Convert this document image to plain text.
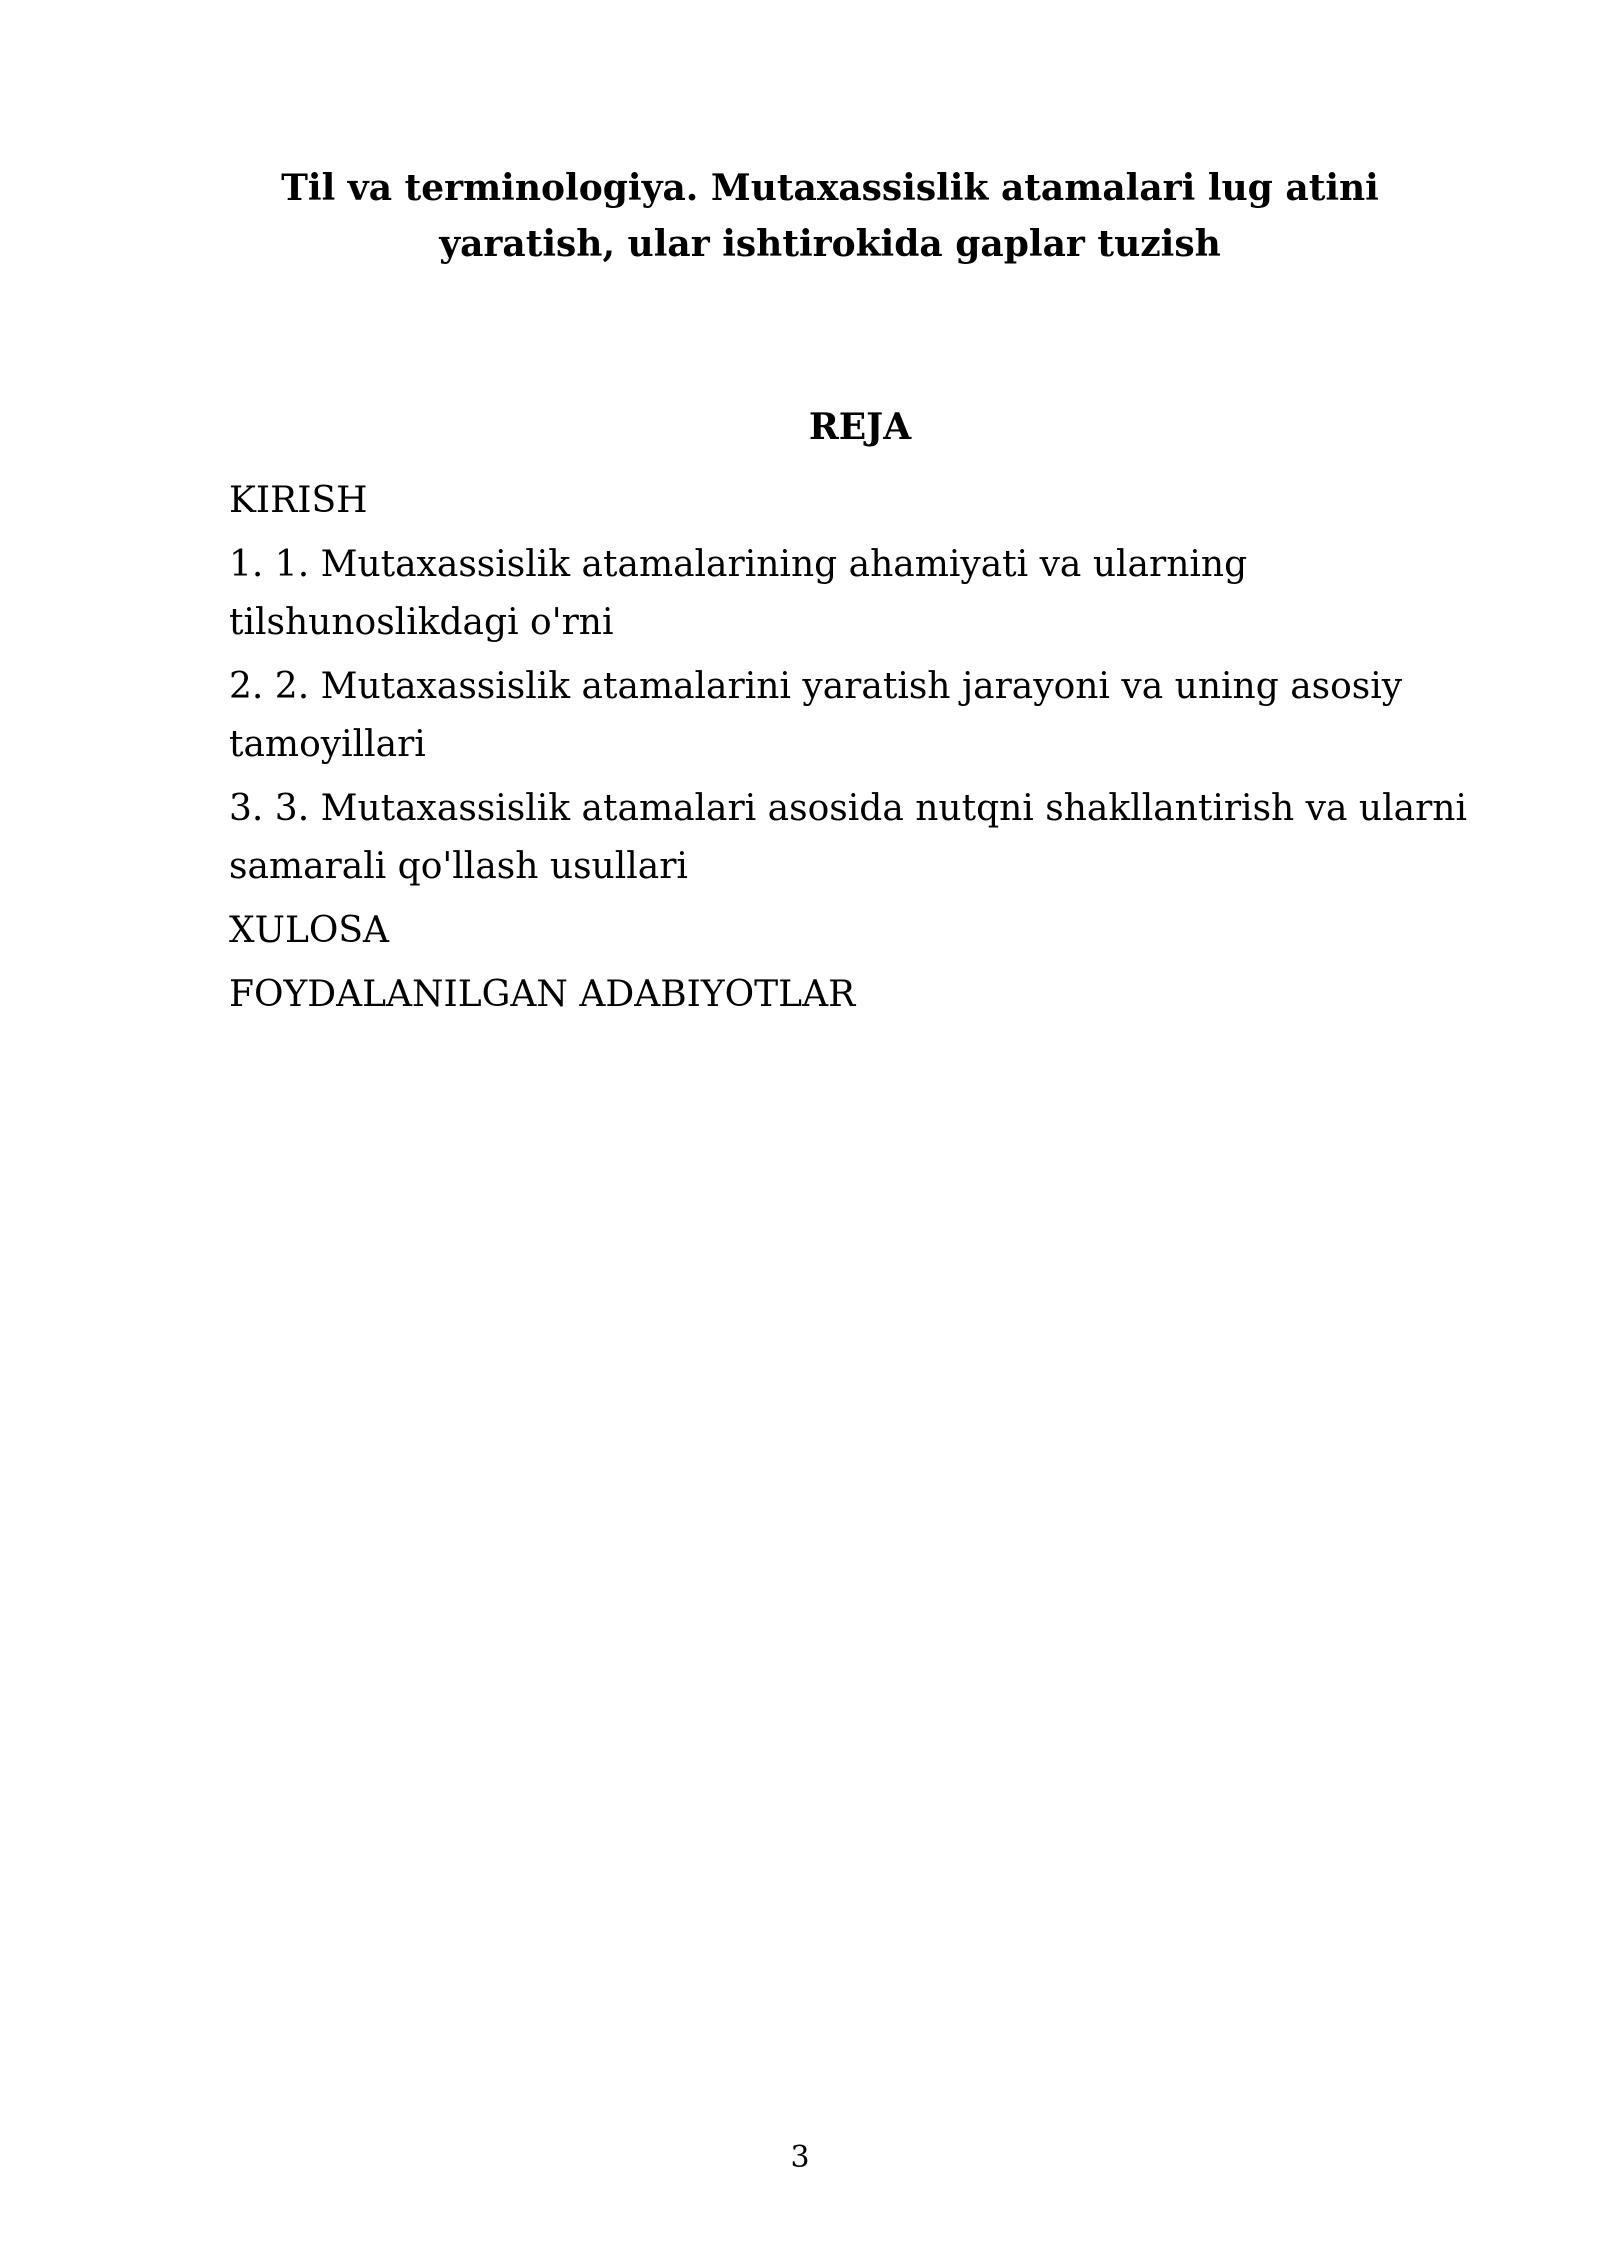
Til va terminologiya. Mutaxassislik atamalari lug atini yaratish, ular ishtirokida gaplar tuzish
REJA
KIRISH
1. 1. Mutaxassislik atamalarining ahamiyati va ularning tilshunoslikdagi o'rni
2. 2. Mutaxassislik atamalarini yaratish jarayoni va uning asosiy tamoyillari
3. 3. Mutaxassislik atamalari asosida nutqni shakllantirish va ularni samarali qo'llash usullari
XULOSA
FOYDALANILGAN ADABIYOTLAR
3
